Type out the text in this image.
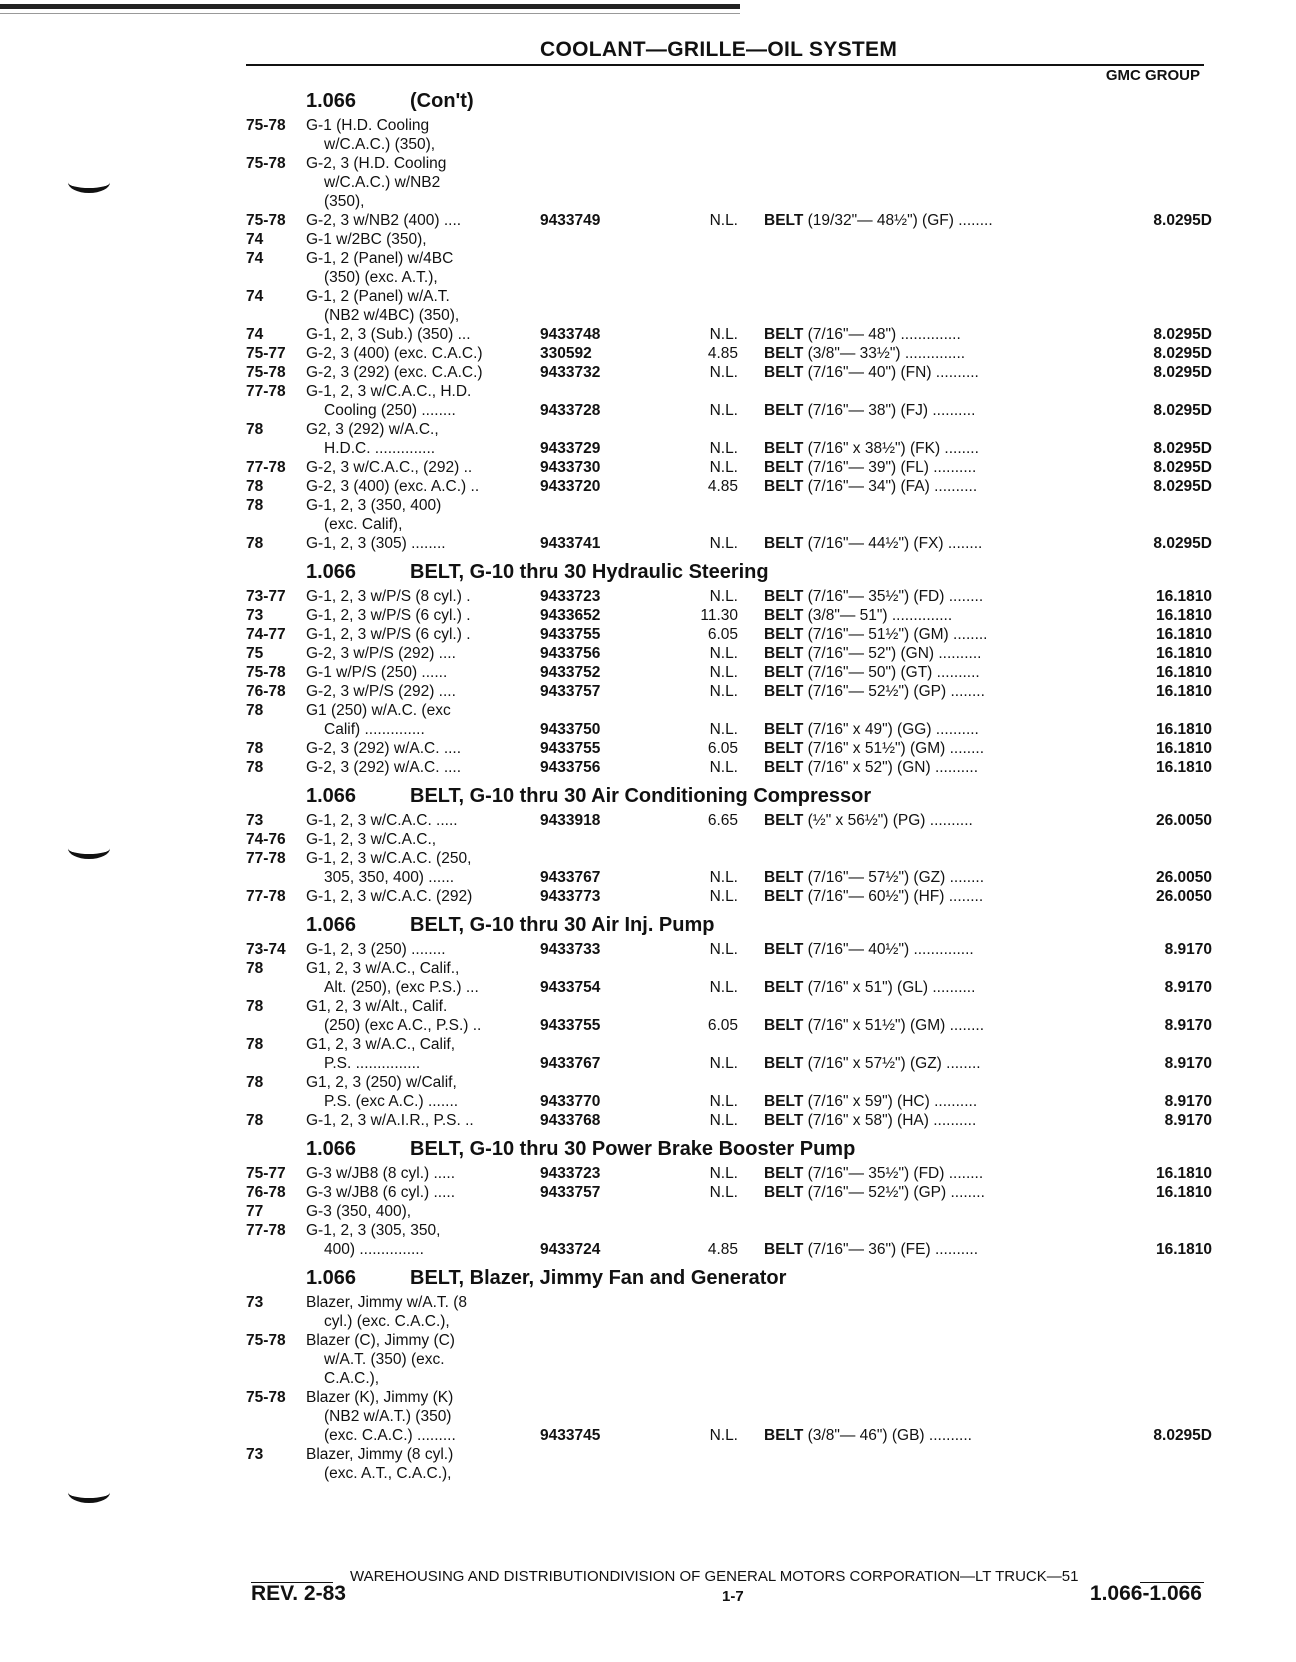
COOLANT—GRILLE—OIL SYSTEM
GMC GROUP
1.066	(Con't)
75-78 G-1 (H.D. Cooling
w/C.A.C.) (350),
75-78 G-2, 3 (H.D. Cooling
w/C.A.C.) w/NB2
(350),
75-78 G-2, 3 w/NB2 (400) ....	9433749	N.L. BELT (19/32"— 48½") (GF) ........	8.0295D
74	G-1 w/2BC (350),
74	G-1, 2 (Panel) w/4BC
(350) (exc. A.T.),
74	G-1, 2 (Panel) w/A.T.
(NB2 w/4BC) (350),
74	G-1, 2, 3 (Sub.) (350) ...	9433748	N.L. BELT (7/16"— 48") ..............	8.0295D
75-77 G-2, 3 (400) (exc. C.A.C.)	330592	4.85 BELT (3/8"— 33½") ..............	8.0295D
75-78 G-2, 3 (292) (exc. C.A.C.)	9433732	N.L. BELT (7/16"— 40") (FN) ..........	8.0295D
77-78 G-1, 2, 3 w/C.A.C., H.D.
Cooling (250) ........	9433728	N.L. BELT (7/16"— 38") (FJ) ..........	8.0295D
78	G2, 3 (292) w/A.C.,
H.D.C. ..............	9433729	N.L. BELT (7/16" x 38½") (FK) ........	8.0295D
77-78 G-2, 3 w/C.A.C., (292) ..	9433730	N.L. BELT (7/16"— 39") (FL) ..........	8.0295D
78	G-2, 3 (400) (exc. A.C.) ..	9433720	4.85 BELT (7/16"— 34") (FA) ..........	8.0295D
78	G-1, 2, 3 (350, 400)
(exc. Calif),
78	G-1, 2, 3 (305) ........	9433741	N.L. BELT (7/16"— 44½") (FX) ........	8.0295D
1.066	BELT, G-10 thru 30 Hydraulic Steering
73-77 G-1, 2, 3 w/P/S (8 cyl.) .	9433723	N.L. BELT (7/16"— 35½") (FD) ........	16.1810
73	G-1, 2, 3 w/P/S (6 cyl.) .	9433652	11.30 BELT (3/8"— 51") ..............	16.1810
74-77 G-1, 2, 3 w/P/S (6 cyl.) .	9433755	6.05 BELT (7/16"— 51½") (GM) ........	16.1810
75	G-2, 3 w/P/S (292) ....	9433756	N.L. BELT (7/16"— 52") (GN) ..........	16.1810
75-78 G-1 w/P/S (250) ......	9433752	N.L. BELT (7/16"— 50") (GT) ..........	16.1810
76-78 G-2, 3 w/P/S (292) ....	9433757	N.L. BELT (7/16"— 52½") (GP) ........	16.1810
78	G1 (250) w/A.C. (exc
Calif) ..............	9433750	N.L. BELT (7/16" x 49") (GG) ..........	16.1810
78	G-2, 3 (292) w/A.C. ....	9433755	6.05 BELT (7/16" x 51½") (GM) ........	16.1810
78	G-2, 3 (292) w/A.C. ....	9433756	N.L. BELT (7/16" x 52") (GN) ..........	16.1810
1.066	BELT, G-10 thru 30 Air Conditioning Compressor
73	G-1, 2, 3 w/C.A.C. .....	9433918	6.65 BELT (½" x 56½") (PG) ..........	26.0050
74-76 G-1, 2, 3 w/C.A.C.,
77-78 G-1, 2, 3 w/C.A.C. (250,
305, 350, 400) ......	9433767	N.L. BELT (7/16"— 57½") (GZ) ........	26.0050
77-78 G-1, 2, 3 w/C.A.C. (292)	9433773	N.L. BELT (7/16"— 60½") (HF) ........	26.0050
1.066	BELT, G-10 thru 30 Air Inj. Pump
73-74 G-1, 2, 3 (250) ........	9433733	N.L. BELT (7/16"— 40½") ..............	8.9170
78	G1, 2, 3 w/A.C., Calif.,
Alt. (250), (exc P.S.) ...	9433754	N.L. BELT (7/16" x 51") (GL) ..........	8.9170
78	G1, 2, 3 w/Alt., Calif.
(250) (exc A.C., P.S.) ..	9433755	6.05 BELT (7/16" x 51½") (GM) ........	8.9170
78	G1, 2, 3 w/A.C., Calif,
P.S. ...............	9433767	N.L. BELT (7/16" x 57½") (GZ) ........	8.9170
78	G1, 2, 3 (250) w/Calif,
P.S. (exc A.C.) .......	9433770	N.L. BELT (7/16" x 59") (HC) ..........	8.9170
78	G-1, 2, 3 w/A.I.R., P.S. ..	9433768	N.L. BELT (7/16" x 58") (HA) ..........	8.9170
1.066	BELT, G-10 thru 30 Power Brake Booster Pump
75-77 G-3 w/JB8 (8 cyl.) .....	9433723	N.L. BELT (7/16"— 35½") (FD) ........	16.1810
76-78 G-3 w/JB8 (6 cyl.) .....	9433757	N.L. BELT (7/16"— 52½") (GP) ........	16.1810
77	G-3 (350, 400),
77-78 G-1, 2, 3 (305, 350,
400) ...............	9433724	4.85 BELT (7/16"— 36") (FE) ..........	16.1810
1.066	BELT, Blazer, Jimmy Fan and Generator
73	Blazer, Jimmy w/A.T. (8
cyl.) (exc. C.A.C.),
75-78 Blazer (C), Jimmy (C)
w/A.T. (350) (exc.
C.A.C.),
75-78 Blazer (K), Jimmy (K)
(NB2 w/A.T.) (350)
(exc. C.A.C.) .........	9433745	N.L. BELT (3/8"— 46") (GB) ..........	8.0295D
73	Blazer, Jimmy (8 cyl.)
(exc. A.T., C.A.C.),
WAREHOUSING AND DISTRIBUTIONDIVISION OF GENERAL MOTORS CORPORATION—LT TRUCK—51
REV. 2-83	1-7	1.066-1.066
